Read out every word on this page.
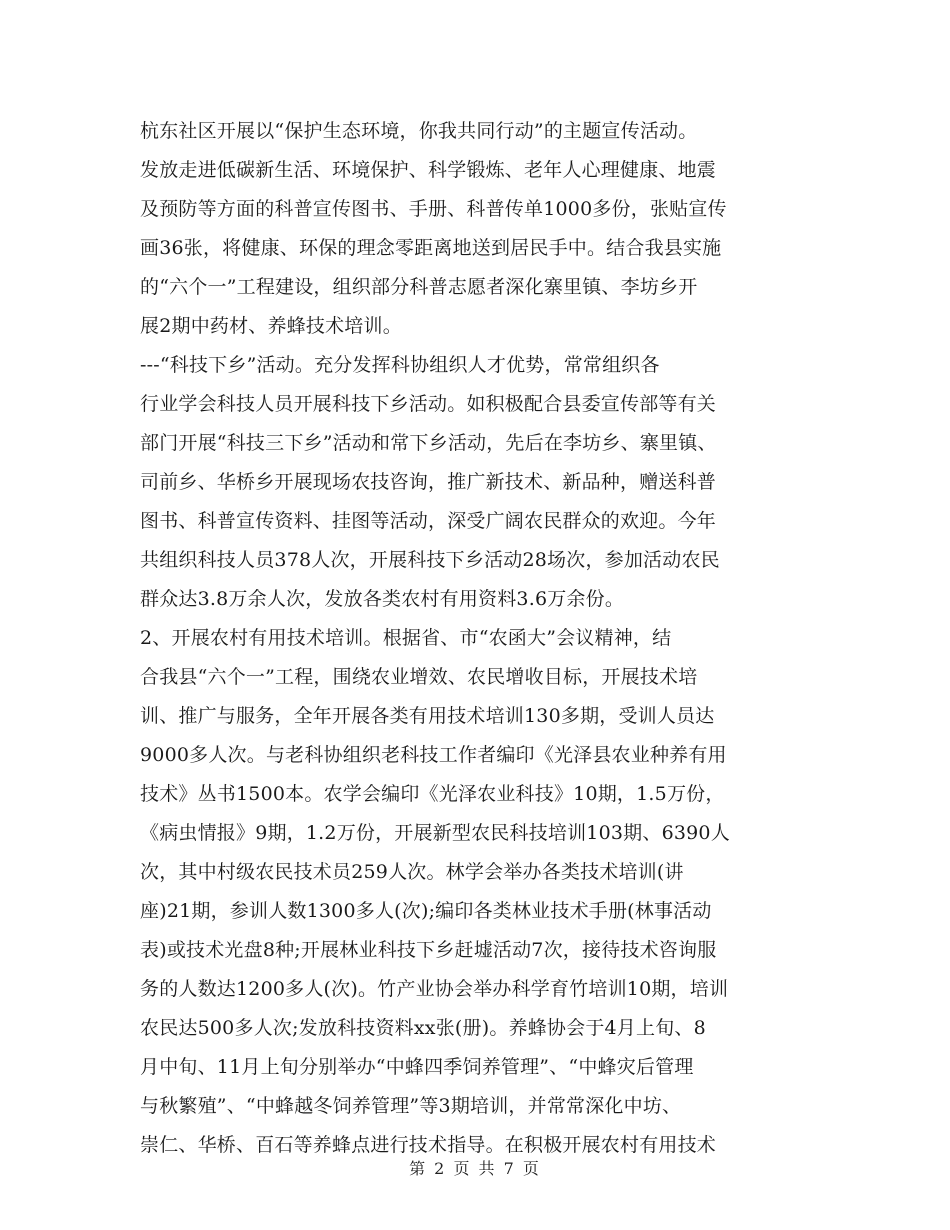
杭东社区开展以“保护生态环境，你我共同行动”的主题宣传活动。
发放走进低碳新生活、环境保护、科学锻炼、老年人心理健康、地震
及预防等方面的科普宣传图书、手册、科普传单1000多份，张贴宣传
画36张，将健康、环保的理念零距离地送到居民手中。结合我县实施
的“六个一”工程建设，组织部分科普志愿者深化寨里镇、李坊乡开
展2期中药材、养蜂技术培训。
---“科技下乡”活动。充分发挥科协组织人才优势，常常组织各
行业学会科技人员开展科技下乡活动。如积极配合县委宣传部等有关
部门开展“科技三下乡”活动和常下乡活动，先后在李坊乡、寨里镇、
司前乡、华桥乡开展现场农技咨询，推广新技术、新品种，赠送科普
图书、科普宣传资料、挂图等活动，深受广阔农民群众的欢迎。今年
共组织科技人员378人次，开展科技下乡活动28场次，参加活动农民
群众达3.8万余人次，发放各类农村有用资料3.6万余份。
2、开展农村有用技术培训。根据省、市“农函大”会议精神，结
合我县“六个一”工程，围绕农业增效、农民增收目标，开展技术培
训、推广与服务，全年开展各类有用技术培训130多期，受训人员达
9000多人次。与老科协组织老科技工作者编印《光泽县农业种养有用
技术》丛书1500本。农学会编印《光泽农业科技》10期，1.5万份，
《病虫情报》9期，1.2万份，开展新型农民科技培训103期、6390人
次，其中村级农民技术员259人次。林学会举办各类技术培训(讲
座)21期，参训人数1300多人(次);编印各类林业技术手册(林事活动
表)或技术光盘8种;开展林业科技下乡赶墟活动7次，接待技术咨询服
务的人数达1200多人(次)。竹产业协会举办科学育竹培训10期，培训
农民达500多人次;发放科技资料xx张(册)。养蜂协会于4月上旬、8
月中旬、11月上旬分别举办“中蜂四季饲养管理”、“中蜂灾后管理
与秋繁殖”、“中蜂越冬饲养管理”等3期培训，并常常深化中坊、
崇仁、华桥、百石等养蜂点进行技术指导。在积极开展农村有用技术
第 2 页 共 7 页
